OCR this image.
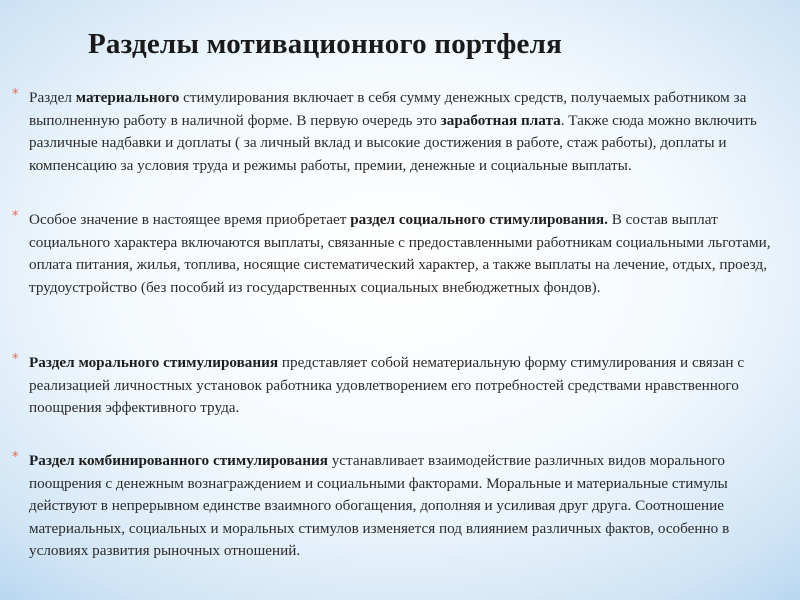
Разделы мотивационного портфеля
* Раздел материального стимулирования включает в себя сумму денежных средств, получаемых работником за выполненную работу в наличной форме. В первую очередь это заработная плата. Также сюда можно включить различные надбавки и доплаты ( за личный вклад и высокие достижения в работе, стаж работы), доплаты и компенсацию за условия труда и режимы работы, премии, денежные и социальные выплаты.

* Особое значение в настоящее время приобретает раздел социального стимулирования. В состав выплат социального характера включаются выплаты, связанные с предоставленными работникам социальными льготами, оплата питания, жилья, топлива, носящие систематический характер, а также выплаты на лечение, отдых, проезд, трудоустройство (без пособий из государственных социальных внебюджетных фондов).

* Раздел морального стимулирования представляет собой нематериальную форму стимулирования и связан с реализацией личностных установок работника удовлетворением его потребностей средствами нравственного поощрения эффективного труда.

* Раздел комбинированного стимулирования устанавливает взаимодействие различных видов морального поощрения с денежным вознаграждением и социальными факторами. Моральные и материальные стимулы действуют в непрерывном единстве взаимного обогащения, дополняя и усиливая друг друга. Соотношение материальных, социальных и моральных стимулов изменяется под влиянием различных фактов, особенно в условиях развития рыночных отношений.
